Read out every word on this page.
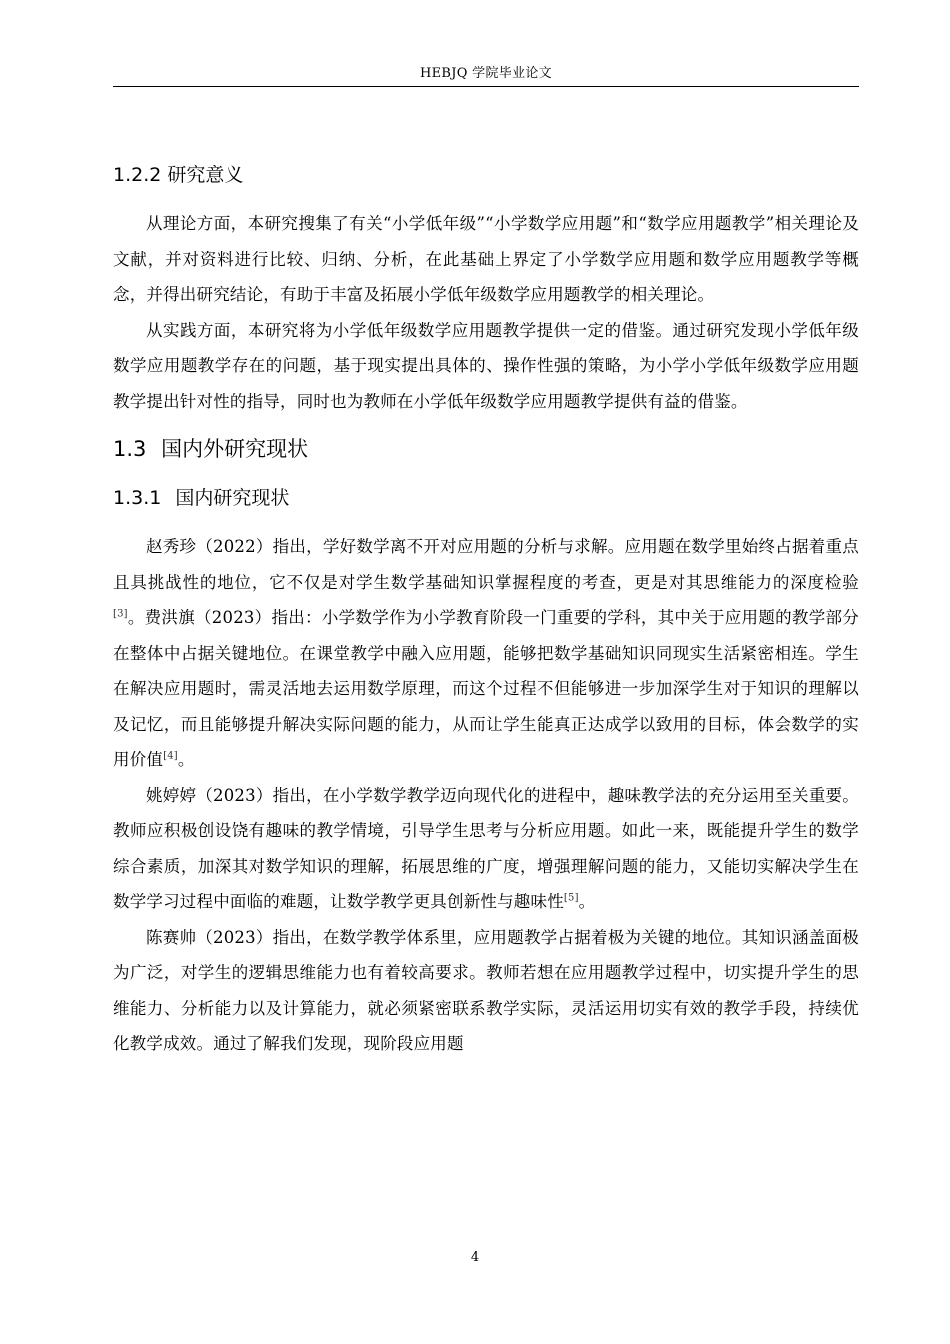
HEBJQ 学院毕业论文
1.2.2 研究意义

从理论方面，本研究搜集了有关“小学低年级”“小学数学应用题”和“数学应用题教学”相关理论及文献，并对资料进行比较、归纳、分析，在此基础上界定了小学数学应用题和数学应用题教学等概念，并得出研究结论，有助于丰富及拓展小学低年级数学应用题教学的相关理论。

从实践方面，本研究将为小学低年级数学应用题教学提供一定的借鉴。通过研究发现小学低年级数学应用题教学存在的问题，基于现实提出具体的、操作性强的策略，为小学小学低年级数学应用题教学提出针对性的指导，同时也为教师在小学低年级数学应用题教学提供有益的借鉴。

1.3 国内外研究现状
1.3.1 国内研究现状

赵秀珍（2022）指出，学好数学离不开对应用题的分析与求解。应用题在数学里始终占据着重点且具挑战性的地位，它不仅是对学生数学基础知识掌握程度的考查，更是对其思维能力的深度检验[3]。费洪旗（2023）指出：小学数学作为小学教育阶段一门重要的学科，其中关于应用题的教学部分在整体中占据关键地位。在课堂教学中融入应用题，能够把数学基础知识同现实生活紧密相连。学生在解决应用题时，需灵活地去运用数学原理，而这个过程不但能够进一步加深学生对于知识的理解以及记忆，而且能够提升解决实际问题的能力，从而让学生能真正达成学以致用的目标，体会数学的实用价值[4]。

姚婷婷（2023）指出，在小学数学教学迈向现代化的进程中，趣味教学法的充分运用至关重要。教师应积极创设饶有趣味的教学情境，引导学生思考与分析应用题。如此一来，既能提升学生的数学综合素质，加深其对数学知识的理解，拓展思维的广度，增强理解问题的能力，又能切实解决学生在数学学习过程中面临的难题，让数学教学更具创新性与趣味性[5]。

陈赛帅（2023）指出，在数学教学体系里，应用题教学占据着极为关键的地位。其知识涵盖面极为广泛，对学生的逻辑思维能力也有着较高要求。教师若想在应用题教学过程中，切实提升学生的思维能力、分析能力以及计算能力，就必须紧密联系教学实际，灵活运用切实有效的教学手段，持续优化教学成效。通过了解我们发现，现阶段应用题

4
